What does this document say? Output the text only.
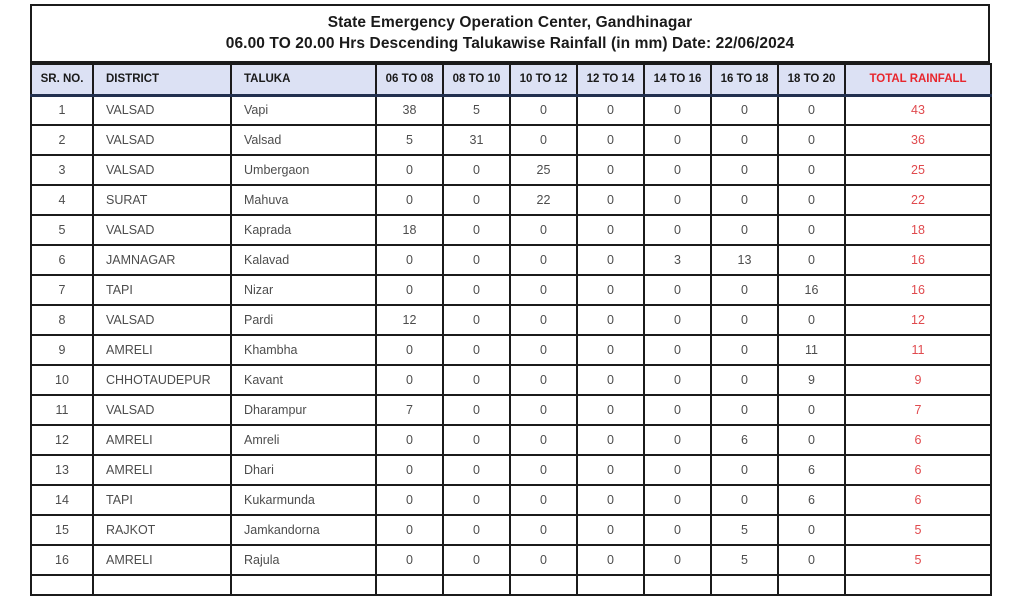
State Emergency Operation Center, Gandhinagar
06.00 TO 20.00 Hrs Descending Talukawise Rainfall (in mm) Date: 22/06/2024
SR. NO.	DISTRICT	TALUKA	06 TO 08	08 TO 10	10 TO 12	12 TO 14	14 TO 16	16 TO 18	18 TO 20	TOTAL RAINFALL
1	VALSAD	Vapi	38	5	0	0	0	0	0	43
2	VALSAD	Valsad	5	31	0	0	0	0	0	36
3	VALSAD	Umbergaon	0	0	25	0	0	0	0	25
4	SURAT	Mahuva	0	0	22	0	0	0	0	22
5	VALSAD	Kaprada	18	0	0	0	0	0	0	18
6	JAMNAGAR	Kalavad	0	0	0	0	3	13	0	16
7	TAPI	Nizar	0	0	0	0	0	0	16	16
8	VALSAD	Pardi	12	0	0	0	0	0	0	12
9	AMRELI	Khambha	0	0	0	0	0	0	11	11
10	CHHOTAUDEPUR	Kavant	0	0	0	0	0	0	9	9
11	VALSAD	Dharampur	7	0	0	0	0	0	0	7
12	AMRELI	Amreli	0	0	0	0	0	6	0	6
13	AMRELI	Dhari	0	0	0	0	0	0	6	6
14	TAPI	Kukarmunda	0	0	0	0	0	0	6	6
15	RAJKOT	Jamkandorna	0	0	0	0	0	5	0	5
16	AMRELI	Rajula	0	0	0	0	0	5	0	5
